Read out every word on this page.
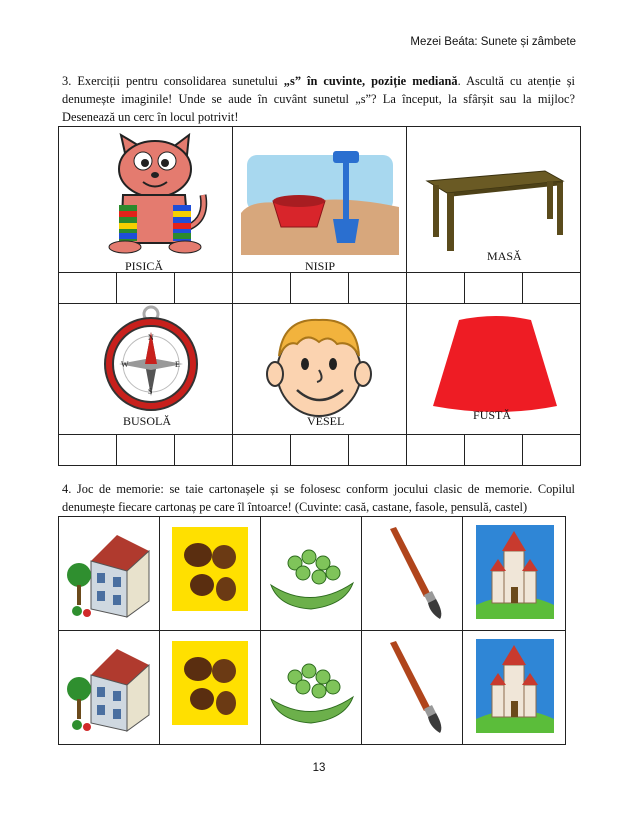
Mezei Beáta: Sunete și zâmbete

3. Exerciții pentru consolidarea sunetului „s” în cuvinte, poziție mediană. Ascultă cu atenție și denumește imaginile! Unde se aude în cuvânt sunetul „s”? La început, la sfârșit sau la mijloc? Desenează un cerc în locul potrivit!

PISICĂ			NISIP			MASĂ		

N
S
W E
BUSOLĂ			VESEL			FUSTĂ		

4. Joc de memorie: se taie cartonașele și se folosesc conform jocului clasic de memorie. Copilul denumește fiecare cartonaș pe care îl întoarce! (Cuvinte: casă, castane, fasole, pensulă, castel)

13
